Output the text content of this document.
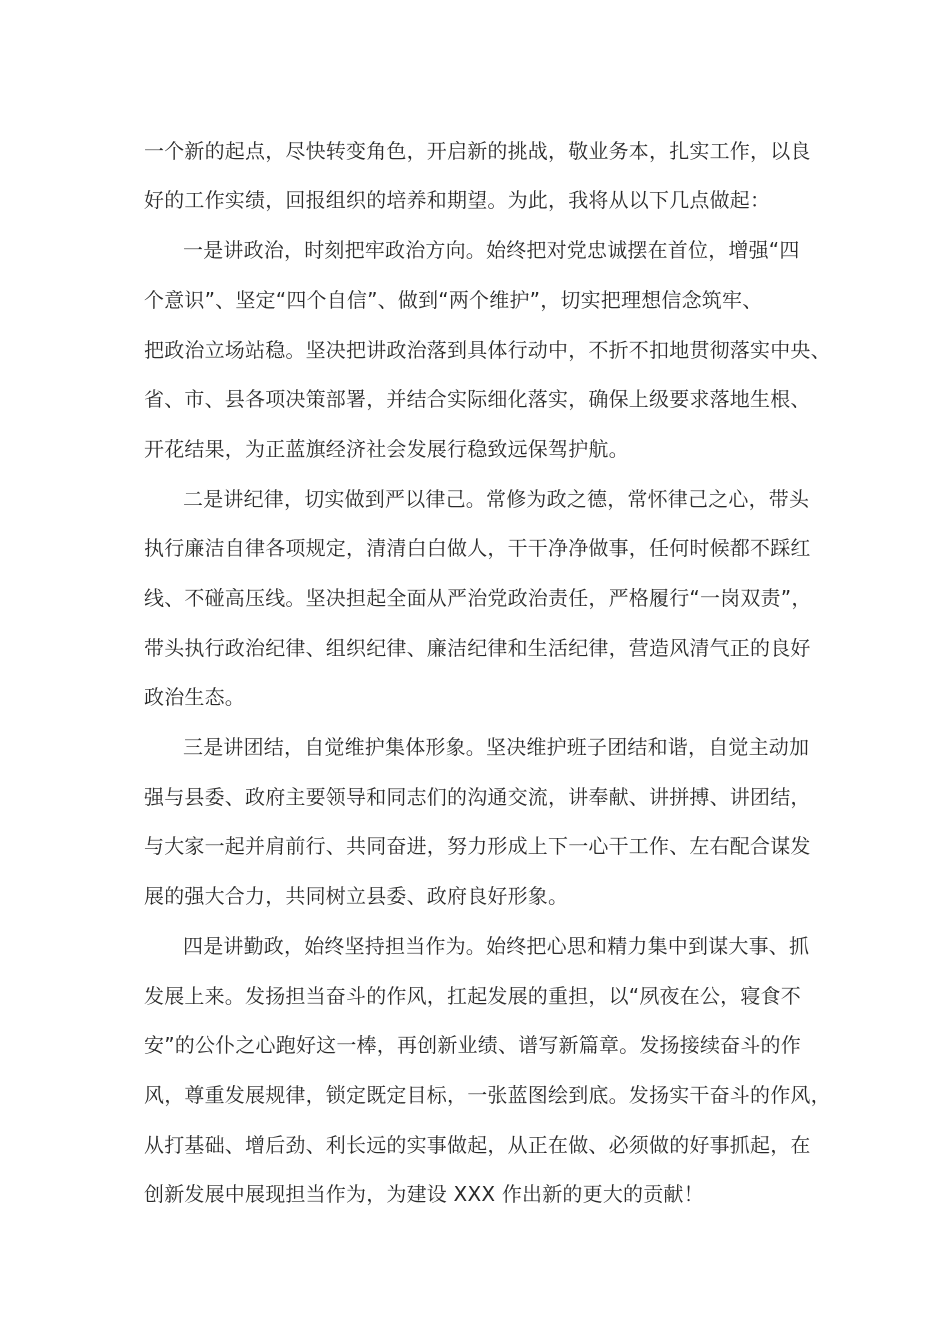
一个新的起点，尽快转变角色，开启新的挑战，敬业务本，扎实工作，以良
好的工作实绩，回报组织的培养和期望。为此，我将从以下几点做起：
一是讲政治，时刻把牢政治方向。始终把对党忠诚摆在首位，增强“四
个意识”、坚定“四个自信”、做到“两个维护”，切实把理想信念筑牢、
把政治立场站稳。坚决把讲政治落到具体行动中，不折不扣地贯彻落实中央、
省、市、县各项决策部署，并结合实际细化落实，确保上级要求落地生根、
开花结果，为正蓝旗经济社会发展行稳致远保驾护航。
二是讲纪律，切实做到严以律己。常修为政之德，常怀律己之心，带头
执行廉洁自律各项规定，清清白白做人，干干净净做事，任何时候都不踩红
线、不碰高压线。坚决担起全面从严治党政治责任，严格履行“一岗双责”，
带头执行政治纪律、组织纪律、廉洁纪律和生活纪律，营造风清气正的良好
政治生态。
三是讲团结，自觉维护集体形象。坚决维护班子团结和谐，自觉主动加
强与县委、政府主要领导和同志们的沟通交流，讲奉献、讲拼搏、讲团结，
与大家一起并肩前行、共同奋进，努力形成上下一心干工作、左右配合谋发
展的强大合力，共同树立县委、政府良好形象。
四是讲勤政，始终坚持担当作为。始终把心思和精力集中到谋大事、抓
发展上来。发扬担当奋斗的作风，扛起发展的重担，以“夙夜在公，寝食不
安”的公仆之心跑好这一棒，再创新业绩、谱写新篇章。发扬接续奋斗的作
风，尊重发展规律，锁定既定目标，一张蓝图绘到底。发扬实干奋斗的作风，
从打基础、增后劲、利长远的实事做起，从正在做、必须做的好事抓起，在
创新发展中展现担当作为，为建设 XXX 作出新的更大的贡献！
